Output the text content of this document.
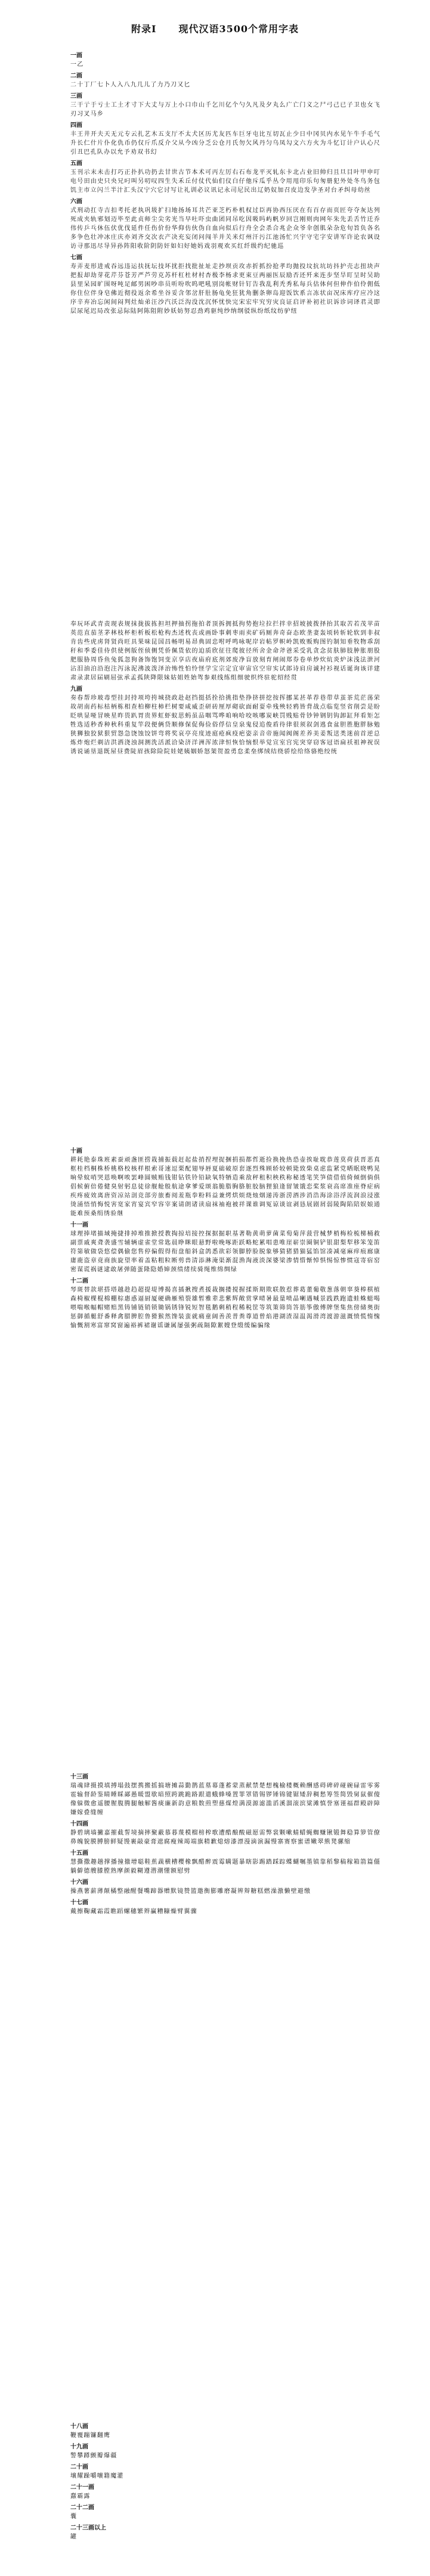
附录Ⅰ　 现代汉语3500个常用字表
一画
一乙
二画
二十丁厂七卜人入八九几儿了力乃刀又匕
三画
三干亍于亏士工土才寸下大丈与万上小口巾山千乞川亿个勺久凡及夕丸么广亡门义之尸弓己已子卫也女飞刃习叉马乡
四画
丰王井开夫天无元专云扎艺木五支厅不太犬区历尤友匹车巨牙屯比互切瓦止少日中冈贝内水见午牛手毛气升长仁什片仆化仇币仍仅斤爪反介父从今凶分乏公仓月氏勿欠风丹匀乌凤勾文六方火为斗忆订计户认心尺引丑巴孔队办以允予劝双书幻
五画
玉刊示末未击打巧正扑扒功扔去甘世古节本术可丙左厉右石布龙平灭轧东卡北占业旧帅归且旦目叶甲申叮电号田由史只央兄叼叫另叨叹四生失禾丘付仗代仙们仪白仔他斥瓜乎丛令用甩印乐句匆册犯外处冬鸟务包饥主市立闪兰半汁汇头汉宁穴它讨写让礼训必议讯记永司尼民出辽奶奴加召皮边发孕圣对台矛纠母幼丝
六画
式刑动扛寺吉扣考托老执巩圾扩扫地扬场耳共芒亚芝朽朴机权过臣再协西压厌在有百存而页匠夸夺灰达列死成夹轨邪划迈毕至此贞师尘尖劣光当早吐吓虫曲团同吊吃因吸吗屿帆岁回岂刚则肉网年朱先丢舌竹迁乔伟传乒乓休伍伏优伐延件任伤价份华仰仿伙伪自血向似后行舟全会杀合兆企众爷伞创肌朵杂危旬旨负各名多争色壮冲冰庄庆亦刘齐交次衣产决充妄闭问闯羊并关米灯州汗污江池汤忙兴宇守宅字安讲军许论农讽设访寻那迅尽导异孙阵阳收阶阴防奸如妇好她妈戏羽观欢买红纤级约纪驰巡
七画
寿弄麦形进戒吞远违运扶抚坛技坏扰拒找批扯址走抄坝贡攻赤折抓扮抢孝均抛投坟抗坑坊抖护壳志扭块声把报却劫芽花芹芬苍芳严芦劳克苏杆杠杜材村杏极李杨求更束豆两丽医辰励否还歼来连步坚旱盯呈时吴助县里呆园旷围呀吨足邮男困吵串员听吩吹呜吧吼别岗帐财针钉告我乱利秃秀私每兵估体何但伸作伯伶佣低你住位伴身皂佛近彻役返余希坐谷妥含邻岔肝肚肠龟免狂犹角删条卵岛迎饭饮系言冻状亩况床库疗应冷这序辛弃冶忘闲间闷判灶灿弟汪沙汽沃泛沟没沈沉怀忧快完宋宏牢究穷灾良证启评补初社识诉诊词译君灵即层尿尾迟局改张忌际陆阿陈阻附妙妖妨努忍劲鸡驱纯纱纳纲驳纵纷纸纹纺驴纽
奉玩环武青责现表规抹拢拔拣担坦押抽拐拖拍者顶拆拥抵拘势抱垃拉拦拌幸招坡披拨择抬其取苦若茂苹苗英范直茄茎茅林枝杯柜析板松枪构杰述枕丧或画卧事刺枣雨卖矿码厕奔奇奋态欧垄妻轰顷转斩轮软到非叔肯齿些虎虏肾贤尚旺具果味昆国昌畅明易昂典固忠咐呼鸣咏呢岸岩帖罗帜岭凯败贩购图钓制知垂牧物乖刮秆和季委佳侍供使例版侄侦侧凭侨佩货依的迫质欣征往爬彼径所舍金命斧爸采受乳贪念贫肤肺肢肿胀朋股肥服胁周昏鱼兔狐忽狗备饰饱饲变京享店夜庙府底剂郊废净盲放刻育闸闹郑券卷单炒炊炕炎炉沫浅法泄河沾泪油泊沿泡注泻泳泥沸波泼泽治怖性怕怜怪学宝宗定宜审宙官空帘实试郎诗肩房诚衬衫视话诞询该详建肃录隶居届刷屈弦承孟孤陕降限妹姑姐姓始驾参艰线练组细驶织终驻驼绍经贯
九画
奏春帮珍玻毒型挂封持项垮挎城挠政赴赵挡挺括拴拾挑指垫挣挤拼挖按挥挪某甚革荐巷带草茧茶荒茫荡荣故胡南药标枯柄栋相查柏柳柱柿栏树要咸威歪研砖厘厚砌砍面耐耍牵残殃轻鸦皆背战点临览竖省削尝是盼眨哄显哑冒映星昨畏趴胃贵界虹虾蚁思蚂虽品咽骂哗咱响哈咬咳哪炭峡罚贱贴骨钞钟钢钥钩卸缸拜看矩怎牲选适秒香种秋科重复竿段便俩贷顺修保促侮俭俗俘信皇泉鬼侵追俊盾待律很须叙剑逃食盆胆胜胞胖脉勉狭狮独狡狱狠贸怨急饶蚀饺饼弯将奖哀亭亮度迹庭疮疯疫疤姿亲音帝施闻阀阁差养美姜叛送类迷前首逆总炼炸炮烂剃洁洪洒浇浊洞测洗活派洽染济洋洲浑浓津恒恢恰恼恨举觉宣室宫宪突穿窃客冠语扁袄祖神祝误诱说诵垦退既屋昼费陡眉孩除险院娃姥姨姻娇怒架贺盈勇怠柔垒绑绒结绕骄绘给络骆绝绞统
十画
耕耗艳泰珠班素蚕顽盏匪捞栽捕振载赶起盐捎捏埋捉捆捐损都哲逝捡换挽热恐壶挨耻耽恭莲莫荷获晋恶真框桂档桐株桥桃格校核样根索哥速逗栗配翅辱唇夏础破原套逐烈殊顾轿较顿毙致柴桌虑监紧党晒眠晓鸭晃晌晕蚊哨哭恩唤啊唉罢峰圆贼贿钱钳钻铁铃铅缺氧特牺造乘敌秤租积秧秩称秘透笔笑笋债借值倚倾倒倘俱倡候俯倍倦健臭射躬息徒徐舰舱般航途拿爹爱颂翁脆脂胸胳脏胶脑狸狼逢留皱饿恋桨浆衰高席准座脊症病疾疼疲效离唐资凉站剖竞部旁旅畜阅羞瓶拳粉料益兼烤烘烦烧烛烟递涛浙涝酒涉消浩海涂浴浮流润浪浸涨烫涌悟悄悔悦害宽家宵宴宾窄容宰案请朗诸读扇袜袖袍被祥课谁调冤谅谈谊剥恳展剧屑弱陵陶陷陪娱娘通能难预桑绢绣验继
十一画
球理捧堵描域掩捷排掉堆推掀授教掏掠培接控探据掘职基著勒黄萌萝菌菜萄菊萍菠营械梦梢梅检梳梯桶救副票戚爽聋袭盛雪辅辆虚雀堂常匙晨睁眯眼悬野啦晚啄距跃略蛇累唱患唯崖崭崇圈铜铲银甜梨犁移笨笼笛符第敏做袋悠偿偶偷您售停偏假得衔盘船斜盒鸽悉欲彩领脚脖脸脱象够猜猪猎猫猛馅馆凑减毫麻痒痕廊康庸鹿盗章竟商族旋望率着盖粘粗粒断剪兽清添淋淹渠渐混渔淘液淡深婆梁渗情惜惭悼惧惕惊惨惯寇寄宿窑密谋谎祸谜逮敢屠弹随蛋隆隐婚婶颈绩绪续骑绳维绵绸绿
十二画
琴斑替款堪搭塔越趁趋超提堤博揭喜插揪搜煮援裁搁搂搅握揉斯期欺联散惹葬葛董葡敬葱落朝辜葵棒棋植森椅椒棵棍棉棚棕惠惑逼厨厦硬确雁殖裂雄暂雅辈悲紫辉敞赏掌晴暑最量喷晶喇遇喊景践跌跑遗蛙蛛蜓喝喂喘喉幅帽赌赔黑铸铺链销锁锄锅锈锋锐短智毯鹅剩稍程稀税筐等筑策筛筒答筋筝傲傅牌堡集焦傍储奥街惩御循艇舒番释禽腊脾腔鲁猾猴然馋装蛮就痛童阔善羡普粪尊道曾焰港湖渣湿温渴滑湾渡游滋溉愤慌惰愧愉慨割寒富窜窝窗遍裕裤裙谢谣谦属屡强粥疏隔隙絮嫂登缎缓编骗缘
十三画
瑞魂肆摄摸填搏塌鼓摆携搬摇搞塘摊蒜勤鹊蓝墓幕蓬蓄蒙蒸献禁楚想槐榆楼概赖酬感碍碑碎碰碗碌雷零雾雹输督龄鉴睛睡睬鄙愚暖盟歇暗照跨跳跪路跟遣蛾蜂嗓置罪罩错锡锣锤锦键锯矮辞稠愁筹签简毁舅鼠催傻像躲微愈遥腰腥腹腾腿触解酱痰廉新韵意粮数煎塑慈煤煌满漠源滤滥滔溪溜滚滨粱滩慎誉塞谨福群殿辟障嫌嫁叠缝缠
十四画
静碧璃墙撇嘉摧截誓境摘摔聚蔽慕暮蔑模榴榜榨歌遭酷酿酸磁愿需弊裳颗嗽蜻蜡蝇蜘赚锹锻舞稳算箩管僚鼻魄貌膜膊膀鲜疑馒裹敲豪膏遮腐瘦辣竭端旗精歉熄熔漆漂漫滴演漏慢寨赛察蜜谱嫩翠熊凳骡缩
十五画
慧撕撒趣趟撑播撞撤增聪鞋蕉蔬横槽樱橡飘醋醉震霉瞒题暴瞎影踢踏踩踪蝶蝴嘱墨镇靠稻黎稿稼箱箭篇僵躺僻德艘膝膛熟摩颜毅糊遵潜潮懂额慰劈
十六画
操燕薯薪薄颠橘整融醒餐嘴蹄器赠默镜赞篮邀衡膨雕磨凝辨辩糖糕燃澡激懒壁避缴
十七画
戴擦鞠藏霜霞瞧蹈螺穗繁辫赢糟糠燥臂翼骤
十八画
鞭覆蹦镰翻鹰
十九画
警攀蹲颤瓣爆疆
二十画
壤耀躁嚼嚷籍魔灌
二十一画
蠢霸露
二十二画
囊
二十三画以上
罐
